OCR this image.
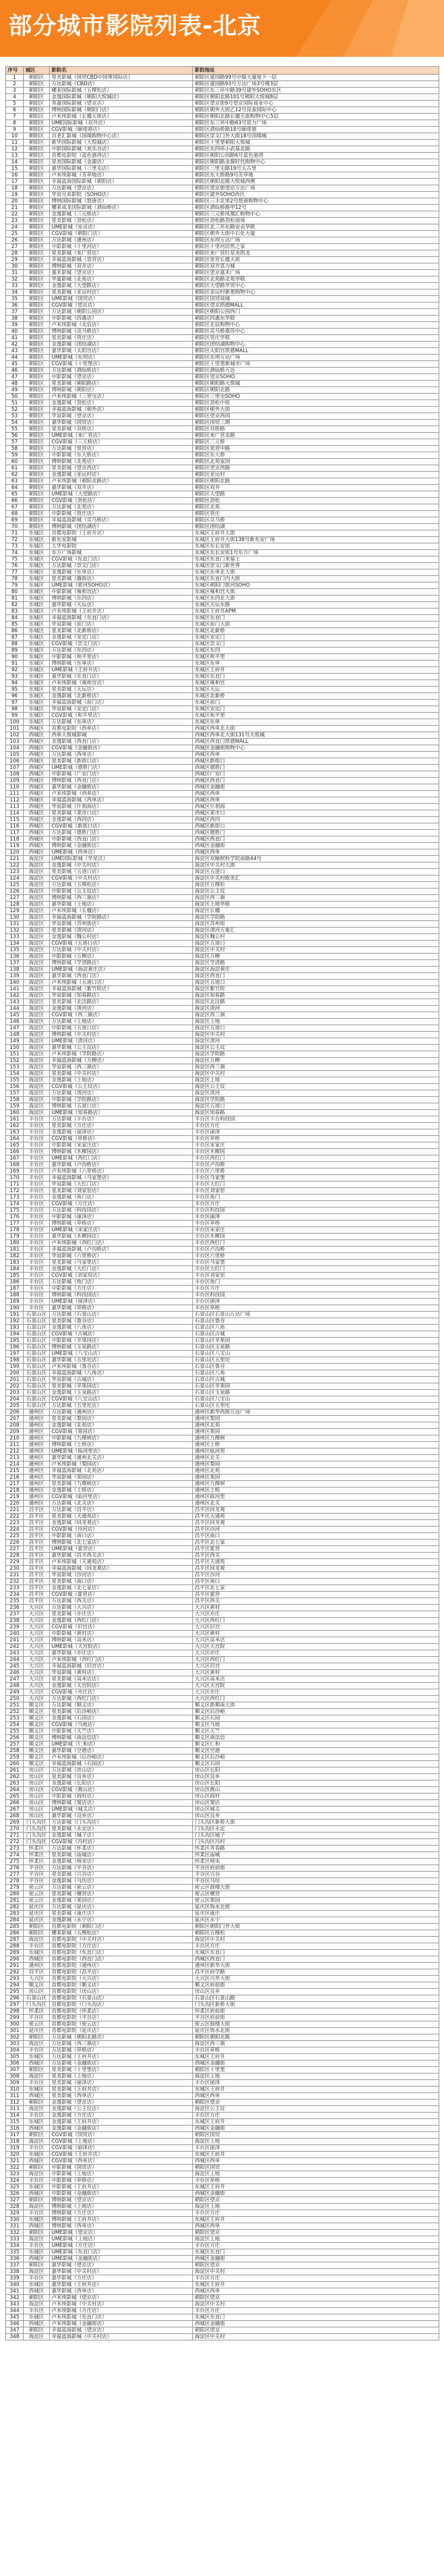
部分城市影院列表-北京
序号	城区	影院名	影院地址
1	朝阳区	星美影城（国贸CBD中国尊国际店）	朝阳区建国路99号中服大厦地下一层
2	朝阳区	万达影城（CBD店）	朝阳区建国路93号万达广场3号楼3层
3	朝阳区	耀莱国际影城（五棵松店）	朝阳区东三环中路39号建外SOHO东区
4	朝阳区	金逸国际影城（朝阳大悦城店）	朝阳区朝阳北路101号朝阳大悦城8层
5	朝阳区	英嘉国际影城（望京店）	朝阳区望京街9号望京国际商业中心
6	朝阳区	博纳国际影城（朝阳门店）	朝阳区朝外大街乙12号昆泰国际中心
7	朝阳区	卢米埃影城（长楹天街店）	朝阳区朝阳北路长楹天街购物中心5层
8	朝阳区	UME国际影城（双井店）	朝阳区东三环中路63号富力广场
9	朝阳区	CGV影城（颐堤港店）	朝阳区酒仙桥路18号颐堤港
10	朝阳区	百老汇影城（国瑞购物中心店）	朝阳区崇文门外大街18号国瑞城
11	朝阳区	新华国际影城（大悦城店）	朝阳区十里堡朝阳大悦城
12	朝阳区	中影国际影城（欢乐谷店）	朝阳区东四环小武基北路
13	朝阳区	首都电影院（蓝色港湾店）	朝阳区朝阳公园路6号蓝色港湾
14	朝阳区	星美国际影城（金源店）	朝阳区朝阳路金源时代购物中心
15	朝阳区	嘉华国际影城（三里屯店）	朝阳区三里屯路19号太古里
16	朝阳区	卢米埃影城（芳草地店）	朝阳区东大桥路9号芳草地
17	朝阳区	幸福蓝海国际影城（朝阳店）	朝阳区朝阳北路大悦城西侧
18	朝阳区	万达影城（望京店）	朝阳区望京街望京万达广场
19	朝阳区	华谊兄弟影院（SOHO店）	朝阳区建外SOHO西区
20	朝阳区	博纳国际影城（悠唐店）	朝阳区三丰北里2号悠唐购物中心
21	朝阳区	耀莱成龙国际影城（酒仙桥店）	朝阳区酒仙桥路甲12号
22	朝阳区	金逸影城（三元桥店）	朝阳区三元桥凤凰汇购物中心
23	朝阳区	星美影城（劲松店）	朝阳区劲松路劲松商场
24	朝阳区	UME影城（安贞店）	朝阳区北三环东路安贞华联
25	朝阳区	CGV影城（朝阳门店）	朝阳区朝外大街中石化大厦
26	朝阳区	万达影城（通州店）	朝阳区东坝万达广场
27	朝阳区	中影影城（十里河店）	朝阳区十里河居然之家
28	朝阳区	星美影城（来广营店）	朝阳区来广营红星美凯龙
29	朝阳区	幸福蓝海影城（常营店）	朝阳区常营长楹天街
30	朝阳区	博纳影城（双井店）	朝阳区双井富力城
31	朝阳区	嘉禾影城（望京店）	朝阳区望京嘉禾广场
32	朝阳区	华夏影城（北苑店）	朝阳区北苑路北苑华联
33	朝阳区	金逸影城（大望路店）	朝阳区大望路华贸中心
34	朝阳区	星美影城（亚运村店）	朝阳区亚运村新奥购物中心
35	朝阳区	UME影城（国贸店）	朝阳区国贸商城
36	朝阳区	CGV影城（望京店）	朝阳区望京凯德MALL
37	朝阳区	万达影城（朝阳公园店）	朝阳区朝阳公园西门
38	朝阳区	中影影城（四惠店）	朝阳区四惠东华联
39	朝阳区	卢米埃影城（北辰店）	朝阳区北辰购物中心
40	朝阳区	博纳影城（亮马桥店）	朝阳区亮马桥燕莎中心
41	朝阳区	星美影城（管庄店）	朝阳区管庄华联
42	朝阳区	金逸影城（团结湖店）	朝阳区团结湖购物中心
43	朝阳区	嘉华影城（太阳宫店）	朝阳区太阳宫凯德MALL
44	朝阳区	UME影城（东坝店）	朝阳区东坝万达广场
45	朝阳区	CGV影城（十里堡店）	朝阳区十里堡新城市广场
46	朝阳区	万达影城（酒仙桥店）	朝阳区酒仙桥万达
47	朝阳区	中影影城（望京店）	朝阳区望京SOHO
48	朝阳区	星美影城（朝阳路店）	朝阳区朝阳路大悦城
49	朝阳区	博纳影城（朝阳店）	朝阳区朝阳北路
50	朝阳区	卢米埃影城（三里屯店）	朝阳区三里屯SOHO
51	朝阳区	金逸影城（劲松店）	朝阳区劲松中街
52	朝阳区	幸福蓝海影城（朝外店）	朝阳区朝外大街
53	朝阳区	华谊影城（望京店）	朝阳区望京西园
54	朝阳区	嘉华影城（国贸店）	朝阳区国贸三期
55	朝阳区	星美影城（双桥店）	朝阳区双桥路
56	朝阳区	UME影城（来广营店）	朝阳区来广营北路
57	朝阳区	CGV影城（三元桥店）	朝阳区三元桥
58	朝阳区	万达影城（常营店）	朝阳区常营中路
59	朝阳区	中影影城（东大桥店）	朝阳区东大桥
60	朝阳区	博纳影城（北苑店）	朝阳区北苑家园
61	朝阳区	星美影城（望京西店）	朝阳区望京西路
62	朝阳区	金逸影城（亚运村店）	朝阳区亚运村
63	朝阳区	卢米埃影城（朝阳北路店）	朝阳区朝阳北路
64	朝阳区	嘉华影城（双井店）	朝阳区双井
65	朝阳区	UME影城（大望路店）	朝阳区大望路
66	朝阳区	CGV影城（劲松店）	朝阳区劲松
67	朝阳区	万达影城（北苑店）	朝阳区北苑
68	朝阳区	中影影城（管庄店）	朝阳区管庄
69	朝阳区	幸福蓝海影城（亮马桥店）	朝阳区亮马桥
70	朝阳区	博纳影城（团结湖店）	朝阳区团结湖
71	东城区	首都电影院（王府井店）	东城区王府井大街
72	东城区	新东安影城	东城区王府井大街138号新东安广场
73	东城区	大华电影院	东城区东长安街
74	东城区	东方广场影城	东城区东长安街1号东方广场
75	东城区	CGV影城（东直门店）	东城区东直门来福士
76	东城区	万达影城（崇文门店）	东城区崇文门新世界
77	东城区	金逸影城（东单店）	东城区东单北大街
78	东城区	星美影城（簋街店）	东城区东直门内大街
79	东城区	UME影城（银河SOHO店）	东城区朝阳门银河SOHO
80	东城区	中影影城（雍和宫店）	东城区雍和宫大街
81	东城区	博纳影城（东四店）	东城区东四北大街
82	东城区	嘉华影城（天坛店）	东城区天坛东路
83	东城区	卢米埃影城（王府井店）	东城区王府井APM
84	东城区	幸福蓝海影城（东直门店）	东城区东直门
85	东城区	华谊影城（前门店）	东城区前门大街
86	东城区	星美影城（北新桥店）	东城区北新桥
87	东城区	金逸影城（安定门店）	东城区安定门
88	东城区	CGV影城（崇文门店）	东城区崇文门
89	东城区	万达影城（东四店）	东城区东四
90	东城区	中影影城（和平里店）	东城区和平里
91	东城区	博纳影城（东单店）	东城区东单
92	东城区	UME影城（王府井店）	东城区王府井
93	东城区	嘉华影城（东直门店）	东城区东直门
94	东城区	卢米埃影城（雍和宫店）	东城区雍和宫
95	东城区	星美影城（天坛店）	东城区天坛
96	东城区	金逸影城（北新桥店）	东城区北新桥
97	东城区	幸福蓝海影城（前门店）	东城区前门
98	东城区	华谊影城（安定门店）	东城区安定门
99	东城区	CGV影城（和平里店）	东城区和平里
100	东城区	万达影城（东单店）	东城区东单
101	西城区	首都电影院（西单店）	西城区西单北大街
102	西城区	西单大悦城影城	西城区西单北大街131号大悦城
103	西城区	金逸影城（西直门店）	西城区西直门凯德MALL
104	西城区	CGV影城（金融街店）	西城区金融街购物中心
105	西城区	万达影城（西单店）	西城区西单
106	西城区	星美影城（新街口店）	西城区新街口
107	西城区	UME影城（德胜门店）	西城区德胜门
108	西城区	中影影城（广安门店）	西城区广安门
109	西城区	博纳影城（西直门店）	西城区西直门
110	西城区	嘉华影城（金融街店）	西城区金融街
111	西城区	卢米埃影城（西单店）	西城区西单
112	西城区	幸福蓝海影城（西单店）	西城区西单
113	西城区	华谊影城（什刹海店）	西城区什刹海
114	西城区	星美影城（菜市口店）	西城区菜市口
115	西城区	金逸影城（西四店）	西城区西四
116	西城区	CGV影城（新街口店）	西城区新街口
117	西城区	万达影城（德胜门店）	西城区德胜门
118	西城区	中影影城（西直门店）	西城区西直门
119	西城区	博纳影城（金融街店）	西城区金融街
120	西城区	UME影城（西单店）	西城区西单
121	海淀区	UME国际影城（华星店）	海淀区双榆树科学院南路44号
122	海淀区	金逸影城（中关村店）	海淀区中关村大街
123	海淀区	星美影城（五道口店）	海淀区五道口
124	海淀区	CGV影城（中关村店）	海淀区中关村欧美汇
125	海淀区	万达影城（五棵松店）	海淀区五棵松
126	海淀区	中影影城（公主坟店）	海淀区公主坟
127	海淀区	博纳影城（西三旗店）	海淀区西三旗
128	海淀区	嘉华影城（上地店）	海淀区上地华联
129	海淀区	卢米埃影城（长楹店）	海淀区长楹
130	海淀区	幸福蓝海影城（学院路店）	海淀区学院路
131	海淀区	华谊影城（苏州街店）	海淀区苏州街
132	海淀区	星美影城（清河店）	海淀区清河万象汇
133	海淀区	金逸影城（魏公村店）	海淀区魏公村
134	海淀区	CGV影城（五道口店）	海淀区五道口
135	海淀区	万达影城（中关村店）	海淀区中关村
136	海淀区	中影影城（万柳店）	海淀区万柳
137	海淀区	博纳影城（学清路店）	海淀区学清路
138	海淀区	UME影城（海淀黄庄店）	海淀区海淀黄庄
139	海淀区	嘉华影城（西直门店）	海淀区西直门
140	海淀区	卢米埃影城（五道口店）	海淀区五道口
141	海淀区	幸福蓝海影城（紫竹院店）	海淀区紫竹院
142	海淀区	华谊影城（知春路店）	海淀区知春路
143	海淀区	星美影城（北洼路店）	海淀区北洼路
144	海淀区	金逸影城（清河店）	海淀区清河
145	海淀区	CGV影城（西三旗店）	海淀区西三旗
146	海淀区	万达影城（上地店）	海淀区上地
147	海淀区	中影影城（五道口店）	海淀区五道口
148	海淀区	博纳影城（中关村店）	海淀区中关村
149	海淀区	UME影城（清河店）	海淀区清河
150	海淀区	嘉华影城（公主坟店）	海淀区公主坟
151	海淀区	卢米埃影城（学院路店）	海淀区学院路
152	海淀区	幸福蓝海影城（万柳店）	海淀区万柳
153	海淀区	华谊影城（西三旗店）	海淀区西三旗
154	海淀区	星美影城（中关村店）	海淀区中关村
155	海淀区	金逸影城（上地店）	海淀区上地
156	海淀区	CGV影城（公主坟店）	海淀区公主坟
157	海淀区	万达影城（清河店）	海淀区清河
158	海淀区	中影影城（学院路店）	海淀区学院路
159	海淀区	博纳影城（五道口店）	海淀区五道口
160	海淀区	UME影城（知春路店）	海淀区知春路
161	丰台区	万达影城（丰台店）	丰台区丰台科技园
162	丰台区	星美影城（方庄店）	丰台区方庄
163	丰台区	金逸影城（丽泽店）	丰台区丽泽
164	丰台区	CGV影城（草桥店）	丰台区草桥
165	丰台区	中影影城（宋家庄店）	丰台区宋家庄
166	丰台区	博纳影城（木樨园店）	丰台区木樨园
167	丰台区	UME影城（西红门店）	丰台区西红门
168	丰台区	嘉华影城（卢沟桥店）	丰台区卢沟桥
169	丰台区	卢米埃影城（六里桥店）	丰台区六里桥
170	丰台区	幸福蓝海影城（马家堡店）	丰台区马家堡
171	丰台区	华谊影城（大红门店）	丰台区大红门
172	丰台区	星美影城（刘家窑店）	丰台区刘家窑
173	丰台区	金逸影城（角门店）	丰台区角门
174	丰台区	CGV影城（方庄店）	丰台区方庄
175	丰台区	万达影城（科技园店）	丰台区科技园
176	丰台区	中影影城（丽泽店）	丰台区丽泽
177	丰台区	博纳影城（草桥店）	丰台区草桥
178	丰台区	UME影城（宋家庄店）	丰台区宋家庄
179	丰台区	嘉华影城（木樨园店）	丰台区木樨园
180	丰台区	卢米埃影城（西红门店）	丰台区西红门
181	丰台区	幸福蓝海影城（卢沟桥店）	丰台区卢沟桥
182	丰台区	华谊影城（六里桥店）	丰台区六里桥
183	丰台区	星美影城（马家堡店）	丰台区马家堡
184	丰台区	金逸影城（大红门店）	丰台区大红门
185	丰台区	CGV影城（刘家窑店）	丰台区刘家窑
186	丰台区	万达影城（角门店）	丰台区角门
187	丰台区	中影影城（方庄店）	丰台区方庄
188	丰台区	博纳影城（科技园店）	丰台区科技园
189	丰台区	UME影城（丽泽店）	丰台区丽泽
190	丰台区	嘉华影城（草桥店）	丰台区草桥
191	石景山区	万达影城（石景山店）	石景山区石景山万达广场
192	石景山区	星美影城（鲁谷店）	石景山区鲁谷
193	石景山区	金逸影城（八角店）	石景山区八角
194	石景山区	CGV影城（古城店）	石景山区古城
195	石景山区	中影影城（苹果园店）	石景山区苹果园
196	石景山区	博纳影城（玉泉路店）	石景山区玉泉路
197	石景山区	UME影城（八宝山店）	石景山区八宝山
198	石景山区	嘉华影城（五里坨店）	石景山区五里坨
199	石景山区	卢米埃影城（鲁谷店）	石景山区鲁谷
200	石景山区	幸福蓝海影城（八角店）	石景山区八角
201	石景山区	华谊影城（古城店）	石景山区古城
202	石景山区	星美影城（苹果园店）	石景山区苹果园
203	石景山区	金逸影城（玉泉路店）	石景山区玉泉路
204	石景山区	CGV影城（八宝山店）	石景山区八宝山
205	石景山区	万达影城（五里坨店）	石景山区五里坨
206	通州区	万达影城（通州店）	通州区新华西街万达广场
207	通州区	星美影城（梨园店）	通州区梨园
208	通州区	金逸影城（北苑店）	通州区北苑
209	通州区	CGV影城（果园店）	通州区果园
210	通州区	中影影城（九棵树店）	通州区九棵树
211	通州区	博纳影城（土桥店）	通州区土桥
212	通州区	UME影城（临河里店）	通州区临河里
213	通州区	嘉华影城（通州北关店）	通州区北关
214	通州区	卢米埃影城（梨园店）	通州区梨园
215	通州区	幸福蓝海影城（北苑店）	通州区北苑
216	通州区	华谊影城（果园店）	通州区果园
217	通州区	星美影城（九棵树店）	通州区九棵树
218	通州区	金逸影城（土桥店）	通州区土桥
219	通州区	CGV影城（临河里店）	通州区临河里
220	通州区	万达影城（北关店）	通州区北关
221	昌平区	万达影城（昌平店）	昌平区回龙观
222	昌平区	星美影城（天通苑店）	昌平区天通苑
223	昌平区	金逸影城（回龙观店）	昌平区回龙观
224	昌平区	CGV影城（沙河店）	昌平区沙河
225	昌平区	中影影城（南口店）	昌平区南口
226	昌平区	博纳影城（北七家店）	昌平区北七家
227	昌平区	UME影城（霍营店）	昌平区霍营
228	昌平区	嘉华影城（昌平西关店）	昌平区西关
229	昌平区	卢米埃影城（天通苑店）	昌平区天通苑
230	昌平区	幸福蓝海影城（回龙观店）	昌平区回龙观
231	昌平区	华谊影城（沙河店）	昌平区沙河
232	昌平区	星美影城（南口店）	昌平区南口
233	昌平区	金逸影城（北七家店）	昌平区北七家
234	昌平区	CGV影城（霍营店）	昌平区霍营
235	昌平区	万达影城（西关店）	昌平区西关
236	大兴区	万达影城（大兴店）	大兴区黄村
237	大兴区	星美影城（亦庄店）	大兴区亦庄
238	大兴区	金逸影城（西红门店）	大兴区西红门
239	大兴区	CGV影城（旧宫店）	大兴区旧宫
240	大兴区	中影影城（黄村店）	大兴区黄村
241	大兴区	博纳影城（高米店）	大兴区高米店
242	大兴区	UME影城（天宫院店）	大兴区天宫院
243	大兴区	嘉华影城（亦庄店）	大兴区亦庄
244	大兴区	卢米埃影城（西红门店）	大兴区西红门
245	大兴区	幸福蓝海影城（旧宫店）	大兴区旧宫
246	大兴区	华谊影城（黄村店）	大兴区黄村
247	大兴区	星美影城（高米店店）	大兴区高米店
248	大兴区	金逸影城（天宫院店）	大兴区天宫院
249	大兴区	CGV影城（亦庄店）	大兴区亦庄
250	大兴区	万达影城（西红门店）	大兴区西红门
251	顺义区	万达影城（顺义店）	顺义区新顺南大街
252	顺义区	星美影城（后沙峪店）	顺义区后沙峪
253	顺义区	金逸影城（石园店）	顺义区石园
254	顺义区	CGV影城（马坡店）	顺义区马坡
255	顺义区	中影影城（天竺店）	顺义区天竺
256	顺义区	博纳影城（南法信店）	顺义区南法信
257	顺义区	UME影城（仁和店）	顺义区仁和
258	顺义区	嘉华影城（空港店）	顺义区空港
259	顺义区	卢米埃影城（后沙峪店）	顺义区后沙峪
260	顺义区	幸福蓝海影城（石园店）	顺义区石园
261	房山区	万达影城（房山店）	房山区长阳
262	房山区	星美影城（良乡店）	房山区良乡
263	房山区	金逸影城（长阳店）	房山区长阳
264	房山区	CGV影城（燕山店）	房山区燕山
265	房山区	中影影城（阎村店）	房山区阎村
266	房山区	博纳影城（窦店店）	房山区窦店
267	房山区	UME影城（城关店）	房山区城关
268	房山区	嘉华影城（良乡店）	房山区良乡
269	门头沟区	万达影城（门头沟店）	门头沟区新桥大街
270	门头沟区	星美影城（永定店）	门头沟区永定
271	门头沟区	金逸影城（城子店）	门头沟区城子
272	门头沟区	CGV影城（冯村店）	门头沟区冯村
273	怀柔区	万达影城（怀柔店）	怀柔区青春路
274	怀柔区	星美影城（庙城店）	怀柔区庙城
275	怀柔区	金逸影城（杨宋店）	怀柔区杨宋
276	平谷区	万达影城（平谷店）	平谷区府前街
277	平谷区	星美影城（兴谷店）	平谷区兴谷
278	平谷区	金逸影城（马坊店）	平谷区马坊
279	密云区	万达影城（密云店）	密云区鼓楼大街
280	密云区	星美影城（檀营店）	密云区檀营
281	密云区	金逸影城（果园店）	密云区果园
282	延庆区	万达影城（延庆店）	延庆区妫水北街
283	延庆区	星美影城（康庄店）	延庆区康庄
284	延庆区	金逸影城（永宁店）	延庆区永宁
285	朝阳区	首都电影院（朝阳门店）	朝阳区朝阳门外大街
286	朝阳区	耀莱影城（五棵松店）	朝阳区五棵松
287	海淀区	首都电影院（中关村店）	海淀区中关村
288	丰台区	首都电影院（方庄店）	丰台区方庄
289	东城区	首都电影院（东直门店）	东城区东直门
290	西城区	首都电影院（西直门店）	西城区西直门
291	通州区	首都电影院（通州店）	通州区新华大街
292	昌平区	首都电影院（昌平店）	昌平区府学路
293	大兴区	首都电影院（大兴店）	大兴区兴华大街
294	顺义区	首都电影院（顺义店）	顺义区府前街
295	房山区	首都电影院（房山店）	房山区良乡
296	石景山区	首都电影院（石景山店）	石景山区石景山路
297	门头沟区	首都电影院（门头沟店）	门头沟区新桥大街
298	怀柔区	首都电影院（怀柔店）	怀柔区府前街
299	平谷区	首都电影院（平谷店）	平谷区府前街
300	密云区	首都电影院（密云店）	密云区鼓楼大街
301	延庆区	首都电影院（延庆店）	延庆区妫水北街
302	朝阳区	万达影城（朝阳北路店）	朝阳区朝阳北路
303	海淀区	万达影城（西三旗店）	海淀区西三旗
304	丰台区	万达影城（草桥店）	丰台区草桥
305	东城区	万达影城（王府井店）	东城区王府井
306	西城区	万达影城（金融街店）	西城区金融街
307	朝阳区	星美影城（十里堡店）	朝阳区十里堡
308	海淀区	星美影城（上地店）	海淀区上地
309	丰台区	星美影城（丽泽店）	丰台区丽泽
310	东城区	星美影城（王府井店）	东城区王府井
311	西城区	星美影城（西单店）	西城区西单
312	朝阳区	金逸影城（望京店）	朝阳区望京
313	海淀区	金逸影城（公主坟店）	海淀区公主坟
314	丰台区	金逸影城（方庄店）	丰台区方庄
315	东城区	金逸影城（王府井店）	东城区王府井
316	西城区	金逸影城（金融街店）	西城区金融街
317	朝阳区	CGV影城（国贸店）	朝阳区国贸
318	海淀区	CGV影城（上地店）	海淀区上地
319	丰台区	CGV影城（丽泽店）	丰台区丽泽
320	东城区	CGV影城（王府井店）	东城区王府井
321	西城区	CGV影城（西单店）	西城区西单
322	朝阳区	中影影城（国贸店）	朝阳区国贸
323	海淀区	中影影城（上地店）	海淀区上地
324	丰台区	中影影城（草桥店）	丰台区草桥
325	东城区	中影影城（王府井店）	东城区王府井
326	西城区	中影影城（金融街店）	西城区金融街
327	朝阳区	博纳影城（望京店）	朝阳区望京
328	海淀区	博纳影城（上地店）	海淀区上地
329	丰台区	博纳影城（方庄店）	丰台区方庄
330	东城区	博纳影城（王府井店）	东城区王府井
331	西城区	博纳影城（西单店）	西城区西单
332	朝阳区	UME影城（望京店）	朝阳区望京
333	海淀区	UME影城（上地店）	海淀区上地
334	丰台区	UME影城（方庄店）	丰台区方庄
335	东城区	UME影城（东直门店）	东城区东直门
336	西城区	UME影城（金融街店）	西城区金融街
337	朝阳区	嘉华影城（望京店）	朝阳区望京
338	海淀区	嘉华影城（中关村店）	海淀区中关村
339	丰台区	嘉华影城（方庄店）	丰台区方庄
340	东城区	嘉华影城（王府井店）	东城区王府井
341	西城区	嘉华影城（西单店）	西城区西单
342	朝阳区	卢米埃影城（望京店）	朝阳区望京
343	海淀区	卢米埃影城（中关村店）	海淀区中关村
344	丰台区	卢米埃影城（方庄店）	丰台区方庄
345	东城区	卢米埃影城（东直门店）	东城区东直门
346	西城区	卢米埃影城（金融街店）	西城区金融街
347	朝阳区	幸福蓝海影城（望京店）	朝阳区望京
348	海淀区	幸福蓝海影城（中关村店）	海淀区中关村
